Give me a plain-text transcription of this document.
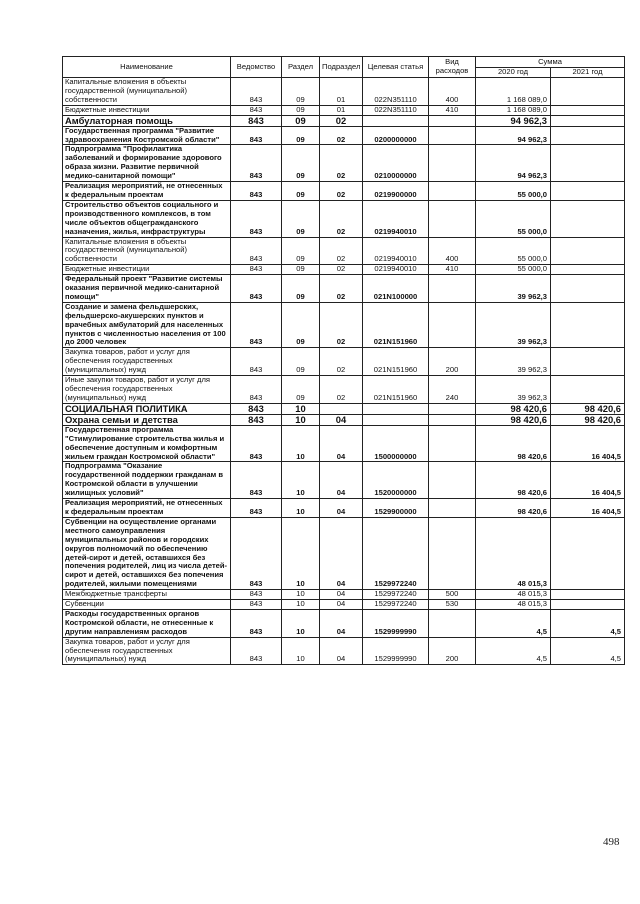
Наименование	Ведомство	Раздел	Подраздел	Целевая статья	Вид расходов	Сумма	
						2020 год	2021 год
Капитальные вложения в объекты государственной (муниципальной) собственности	843	09	01	022N351110	400	1 168 089,0	
Бюджетные инвестиции	843	09	01	022N351110	410	1 168 089,0	
Амбулаторная помощь	843	09	02			94 962,3	
Государственная программа "Развитие здравоохранения Костромской области"	843	09	02	0200000000		94 962,3	
Подпрограмма "Профилактика заболеваний и формирование здорового образа жизни. Развитие первичной медико-санитарной помощи"	843	09	02	0210000000		94 962,3	
Реализация мероприятий, не отнесенных к федеральным проектам	843	09	02	0219900000		55 000,0	
Строительство объектов социального и производственного комплексов, в том числе объектов общегражданского назначения, жилья, инфраструктуры	843	09	02	0219940010		55 000,0	
Капитальные вложения в объекты государственной (муниципальной) собственности	843	09	02	0219940010	400	55 000,0	
Бюджетные инвестиции	843	09	02	0219940010	410	55 000,0	
Федеральный проект "Развитие системы оказания первичной медико-санитарной помощи"	843	09	02	021N100000		39 962,3	
Создание и замена фельдшерских, фельдшерско-акушерских пунктов и врачебных амбулаторий для населенных пунктов с численностью населения от 100 до 2000 человек	843	09	02	021N151960		39 962,3	
Закупка товаров, работ и услуг для обеспечения государственных (муниципальных) нужд	843	09	02	021N151960	200	39 962,3	
Иные закупки товаров, работ и услуг для обеспечения государственных (муниципальных) нужд	843	09	02	021N151960	240	39 962,3	
СОЦИАЛЬНАЯ ПОЛИТИКА	843	10				98 420,6	98 420,6
Охрана семьи и детства	843	10	04			98 420,6	98 420,6
Государственная программа "Стимулирование строительства жилья и обеспечение доступным и комфортным жильем граждан Костромской области"	843	10	04	1500000000		98 420,6	16 404,5
Подпрограмма "Оказание государственной поддержки гражданам в Костромской области в улучшении жилищных условий"	843	10	04	1520000000		98 420,6	16 404,5
Реализация мероприятий, не отнесенных к федеральным проектам	843	10	04	1529900000		98 420,6	16 404,5
Субвенции на осуществление органами местного самоуправления муниципальных районов и городских округов полномочий по обеспечению детей-сирот и детей, оставшихся без попечения родителей, лиц из числа детей-сирот и детей, оставшихся без попечения родителей, жилыми помещениями	843	10	04	1529972240		48 015,3	
Межбюджетные трансферты	843	10	04	1529972240	500	48 015,3	
Субвенции	843	10	04	1529972240	530	48 015,3	
Расходы государственных органов Костромской области, не отнесенные к другим направлениям расходов	843	10	04	1529999990		4,5	4,5
Закупка товаров, работ и услуг для обеспечения государственных (муниципальных) нужд	843	10	04	1529999990	200	4,5	4,5
498
